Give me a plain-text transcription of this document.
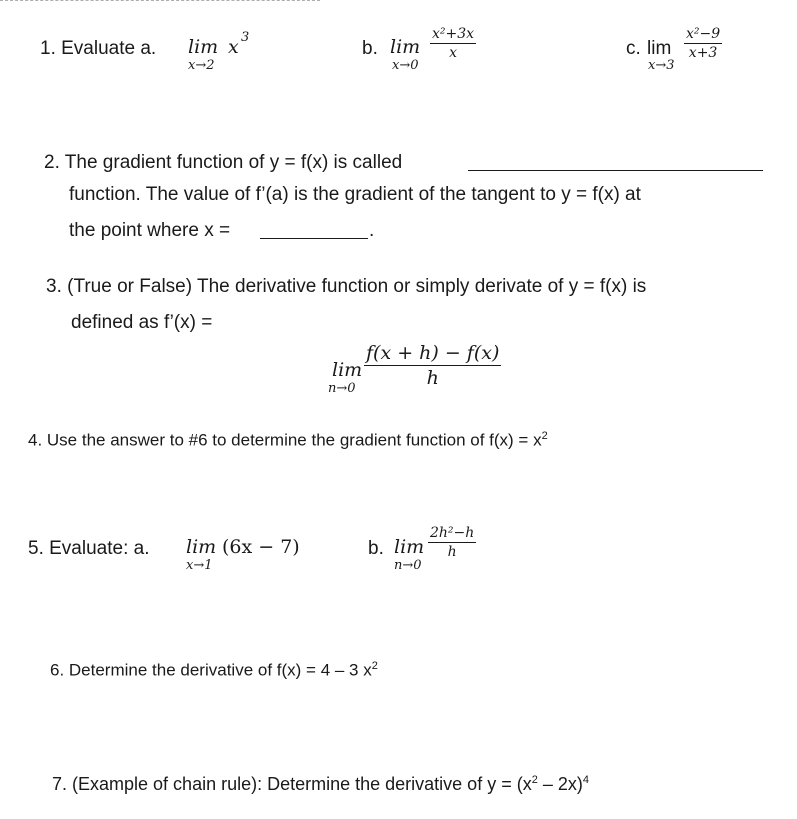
1. Evaluate a. lim x 3
x→2
b. lim
x→0
x²+3x
x	c. lim
x→3
x²−9
x+3
2. The gradient function of y = f(x) is called
function. The value of f’(a) is the gradient of the tangent to y = f(x) at
the point where x =	.
3. (True or False) The derivative function or simply derivate of y = f(x) is
defined as f’(x) =
lim
n→0
f(x + h) − f(x)
h
4. Use the answer to #6 to determine the gradient function of $f(x) = x^2$
5. Evaluate: a. lim (6x − 7)
x→1
b. lim
n→0
2h²−h
h
6. Determine the derivative of f(x) = 4 – 3 $x^2$
7. (Example of chain rule): Determine the derivative of $y = (x^2 - 2x)^4$
